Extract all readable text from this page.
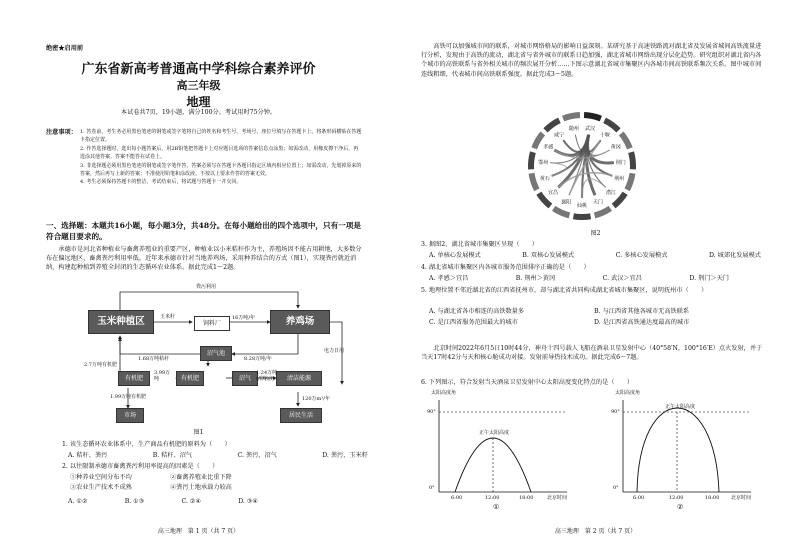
绝密★启用前
广东省新高考普通高中学科综合素养评价
高三年级
地理
本试卷共7页，19小题，满分100分。考试用时75分钟。
注意事项： 1. 答卷前，考生务必用黑色笔迹的钢笔或签字笔将自己的姓名和考生号、考场号、座位号填写在答题卡上，将条形码横贴在答题卡指定位置。
2. 作答选择题时，选出每小题答案后，用2B铅笔把答题卡上对应题目选项的答案信息点涂黑；如需改动，用橡皮擦干净后，再选涂其他答案。答案不能答在试卷上。
3. 非选择题必须用黑色笔迹的钢笔或签字笔作答，答案必须写在答题卡各题目指定区域内相应位置上；如需改动，先划掉原来的答案，然后再写上新的答案；不准使用铅笔和涂改液。不按以上要求作答的答案无效。
4. 考生必须保持答题卡的整洁，考试结束后，将试题与答题卡一并交回。
一、选择题：本题共16小题，每小题3分，共48分。在每小题给出的四个选项中，只有一项是符合题目要求的。
承德市是河北省种植业与畜禽养殖业的重要产区，种植业以小米秸秆作为主，养殖场因不能占用耕地，大多数分布在偏远地区，畜禽粪污利用率低。近年来承德市针对当地养鸡场，采用种养结合的方式（图1），实现粪污就近消纳，构建起种植到养殖全封闭的生态循环农业体系。据此完成1～2题。
玉米种植区	养鸡场
饲料厂
沼气池
有机肥	有机肥	沼气	清洁能源
市场	居民生活
粪污利用
玉米籽	16万吨/年
8.28万吨/年
1.68万吨秸秆
2.7万吨有机肥
1.99万吨有机肥
3.99万吨
1.24万吨(浓缩液)
120万m³/年
电力日用
图1
1. 该生态循环农业体系中，生产商品有机肥的原料为（　　）
A. 秸秆、粪污	B. 秸秆、沼气	C. 粪污、沼气	D. 粪污、玉米籽
2. 以往限制承德市畜禽粪污利用率提高的因素是（　　）
①种养业空间分布不均	②畜禽养殖业比重下降
③农业生产技术不成熟	④粪污土地承载力较高
A. ①②	B. ①③	C. ②④	D. ③④
高三地理　第 1 页（共 7 页）
高铁可以加强城市间的联系，对城市网络格局的影响日益深刻。某研究基于高速铁路流对湖北省及发展省城间高铁流量进行分析，发现由于高铁的流动，湖北省与省外城市的联系日趋加强，湖北省城市网络出现分层化趋势。研究组织对湖北省内各个城市的高铁联系与省外相关城市的频次展开分析……下图示意湖北省城市集聚区内各城市间高铁联系频次关系。图中城市间连线粗细，代表城市间高铁联系强度。据此完成3～5题。
武汉
十堰
黄冈
荆门
荆州
潜江
天门
仙桃
襄阳
宜昌
黄石
鄂州
孝感
咸宁
随州
图2
3. 据图2，湖北省城市集聚区呈现（　　）
A. 单核心发展模式	B. 双核心发展模式	C. 多核心发展模式	D. 城郊化发展模式
4. 湖北省城市集聚区内各城市服务范围排序正确的是（　　）
A. 孝感＞宜昌	B. 荆州＞黄冈	C. 武汉＞宜昌	D. 荆门＞天门
5. 地理位置不邻近湖北省的江西省抚州市，却与湖北省共同构成湖北省城市集聚区，说明抚州市（　　）
A. 与湖北省各市相连的高铁数量多	B. 与江西省其他各城市无高铁联系
C. 是江西省服务范围最大的城市	D. 是江西省高铁通达度最高的城市
北京时间2022年6月5日10时44分，神舟十四号载人飞船在酒泉卫星发射中心（40°58′N，100°16′E）点火发射，并于当天17时42分与天和核心舱成功对接。发射前导热技术成功。据此完成6～7题。
6. 下列图示，符合发射当天酒泉卫星发射中心太阳高度变化特点的是（　　）
太阳高度角
90°
0°
正午太阳高度
6:00	12:00	18:00	北京时间
①
太阳高度角
90°
0°
正午太阳高度
6:00	12:00	18:00 北京时间
②
高三地理　第 2 页（共 7 页）
